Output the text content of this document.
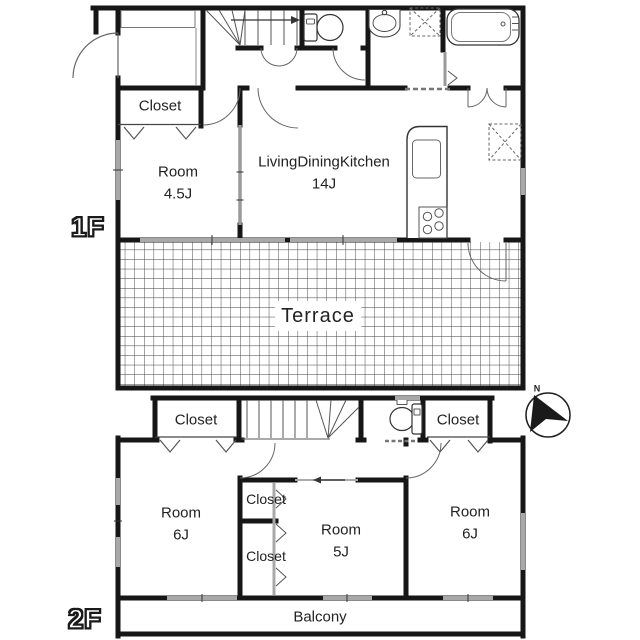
1F
Closet
Room
4.5J
LivingDiningKitchen
14J
Terrace
2F
Closet	Closet
Room
6J
Closet
Closet
Room
5J
Room
6J
Balcony
N
